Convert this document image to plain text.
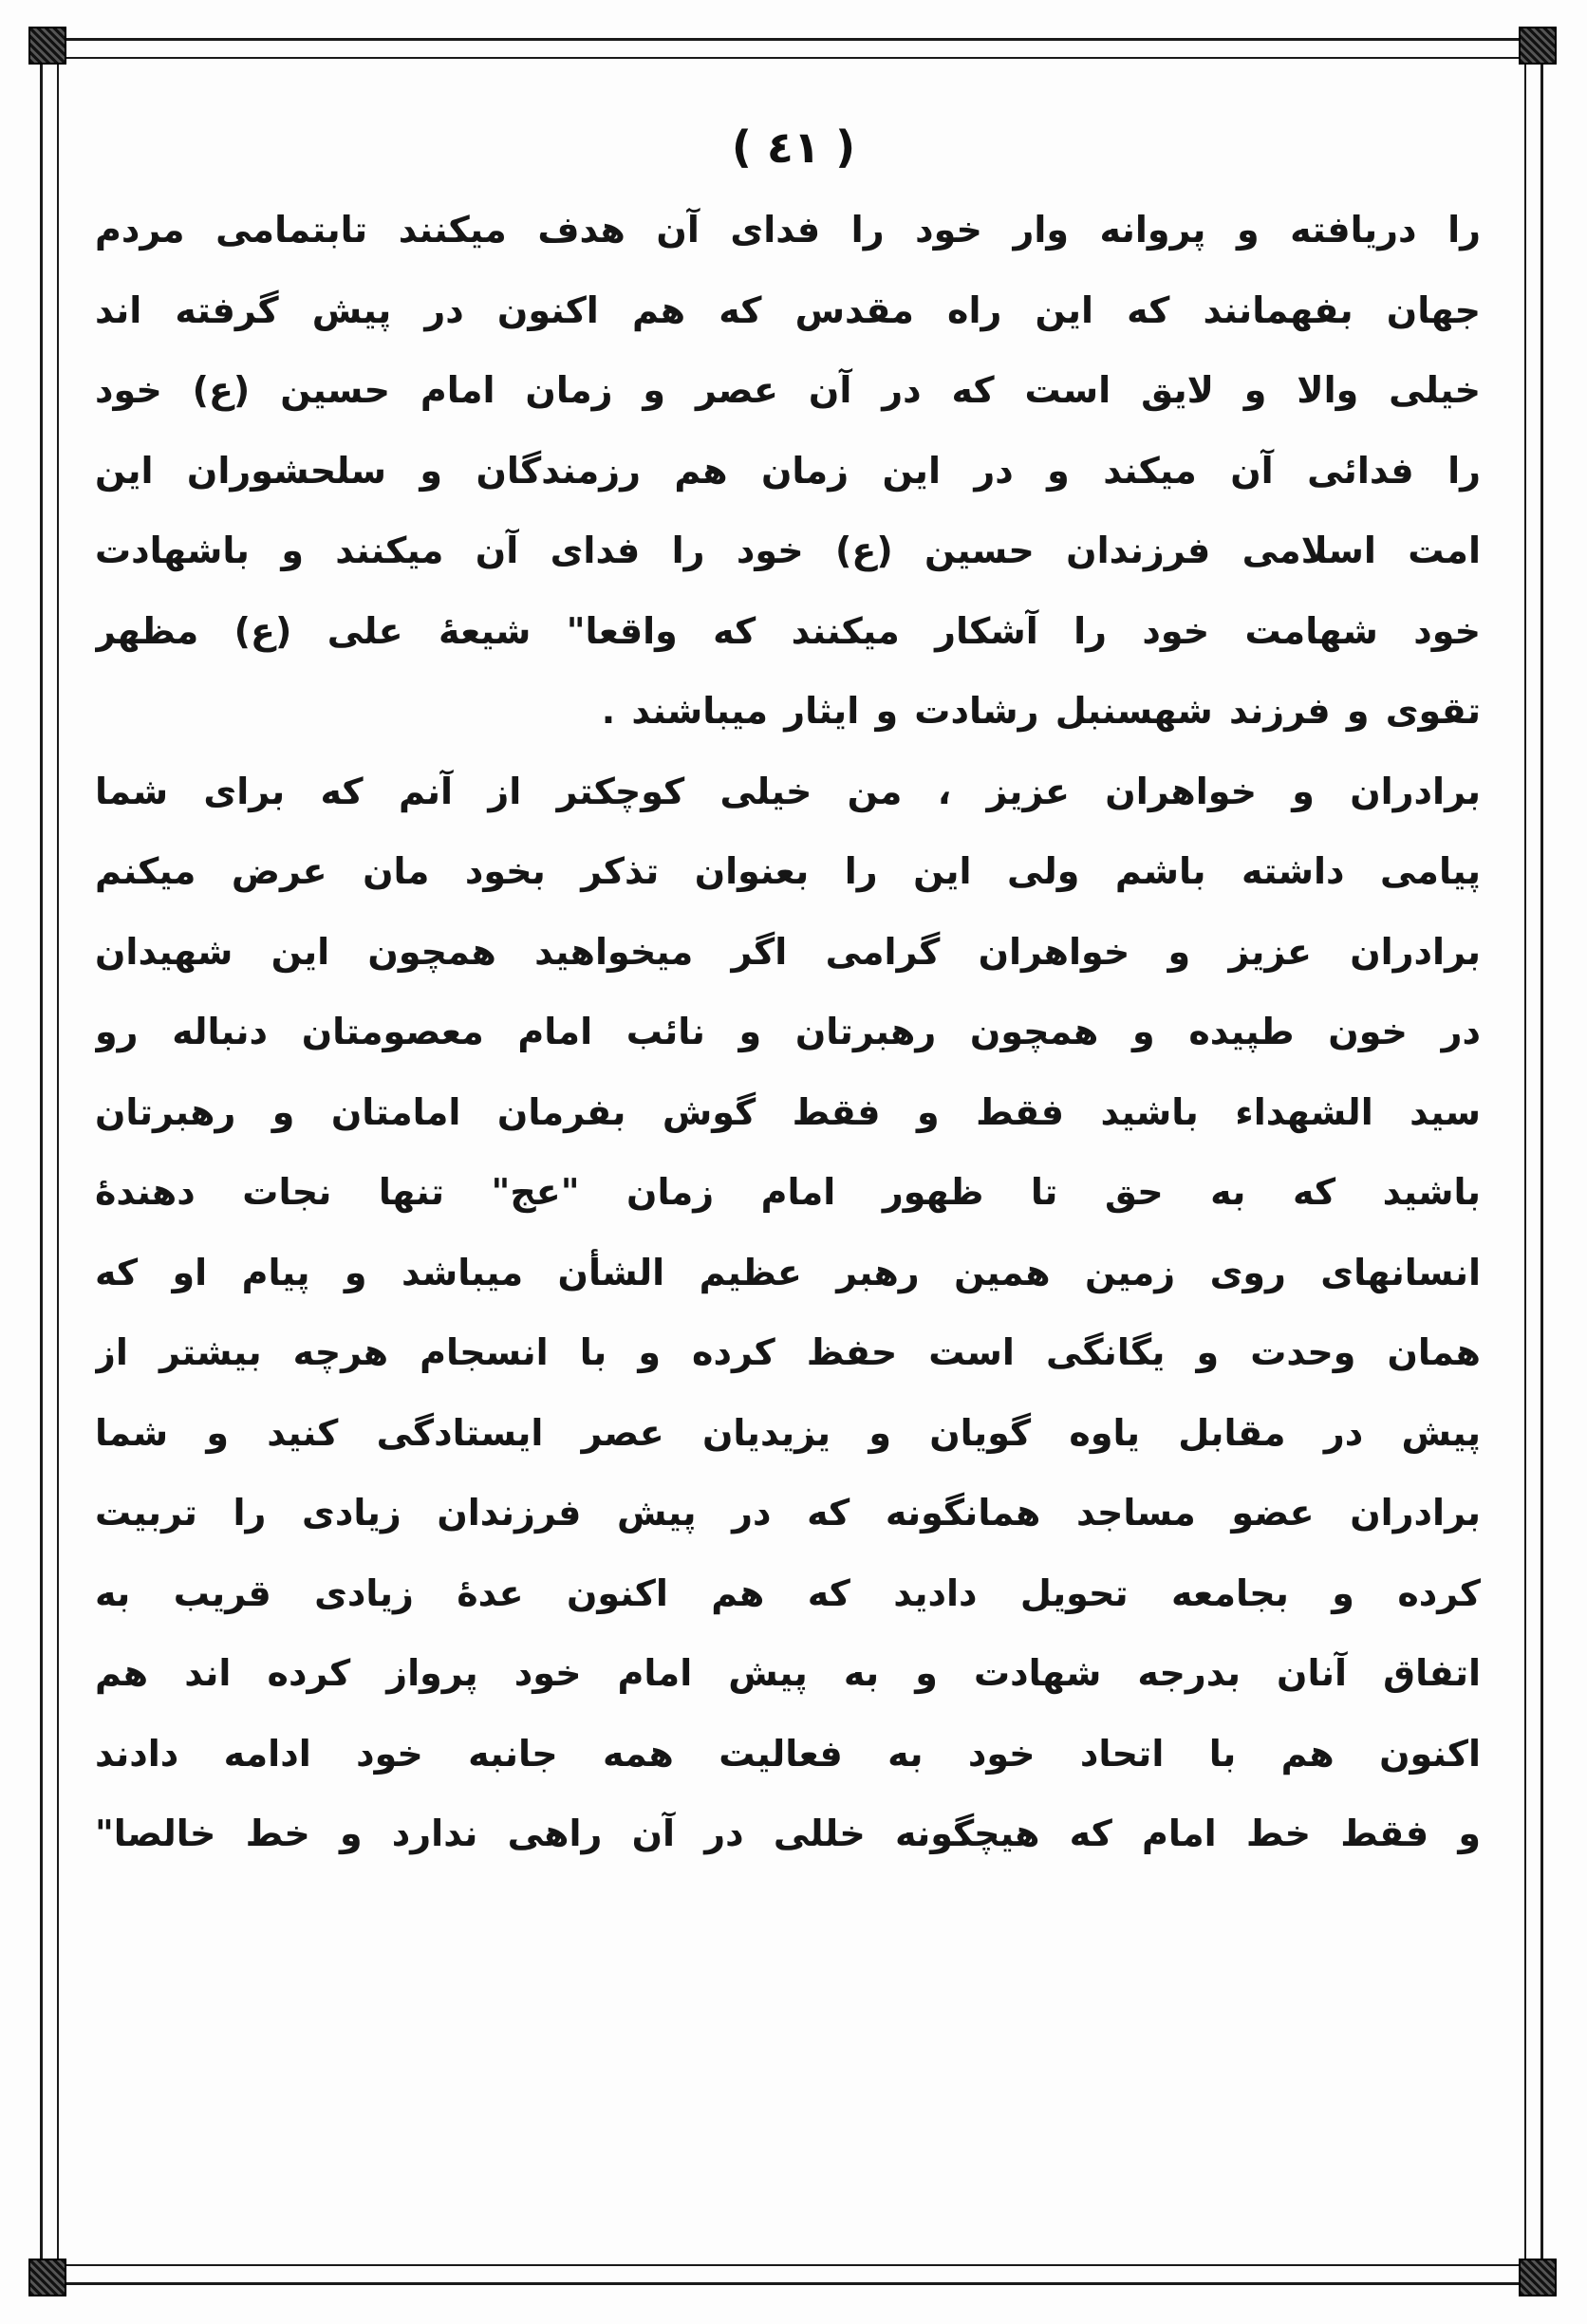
( ٤١ )
را دریافته و پروانه وار خود را فدای آن هدف میکنند تابتمامی مردم
جهان بفهمانند که این راه مقدس که هم اکنون در پیش گرفته اند
خیلی والا و لایق است که در آن عصر و زمان امام حسین (ع) خود
را فدائی آن میکند و در این زمان هم رزمندگان و سلحشوران این
امت اسلامی فرزندان حسین (ع) خود را فدای آن میکنند و باشهادت
خود شهامت خود را آشکار میکنند که واقعا" شیعهٔ علی (ع) مظهر
تقوی و فرزند شهسنبل رشادت و ایثار میباشند .
برادران و خواهران عزیز ، من خیلی کوچکتر از آنم که برای شما
پیامی داشته باشم ولی این را بعنوان تذکر بخود مان عرض میکنم
برادران عزیز و خواهران گرامی اگر میخواهید همچون این شهیدان
در خون طپیده و همچون رهبرتان و نائب امام معصومتان دنباله رو
سید الشهداء باشید فقط و فقط گوش بفرمان امامتان و رهبرتان
باشید که به حق تا ظهور امام زمان "عج" تنها نجات دهندهٔ
انسانهای روی زمین همین رهبر عظیم الشأن میباشد و پیام او که
همان وحدت و یگانگی است حفظ کرده و با انسجام هرچه بیشتر از
پیش در مقابل یاوه گویان و یزیدیان عصر ایستادگی کنید و شما
برادران عضو مساجد همانگونه که در پیش فرزندان زیادی را تربیت
کرده و بجامعه تحویل دادید که هم اکنون عدهٔ زیادی قریب به
اتفاق آنان بدرجه شهادت و به پیش امام خود پرواز کرده اند هم
اکنون هم با اتحاد خود به فعالیت همه جانبه خود ادامه دادند
و فقط خط امام که هیچگونه خللی در آن راهی ندارد و خط خالصا"
